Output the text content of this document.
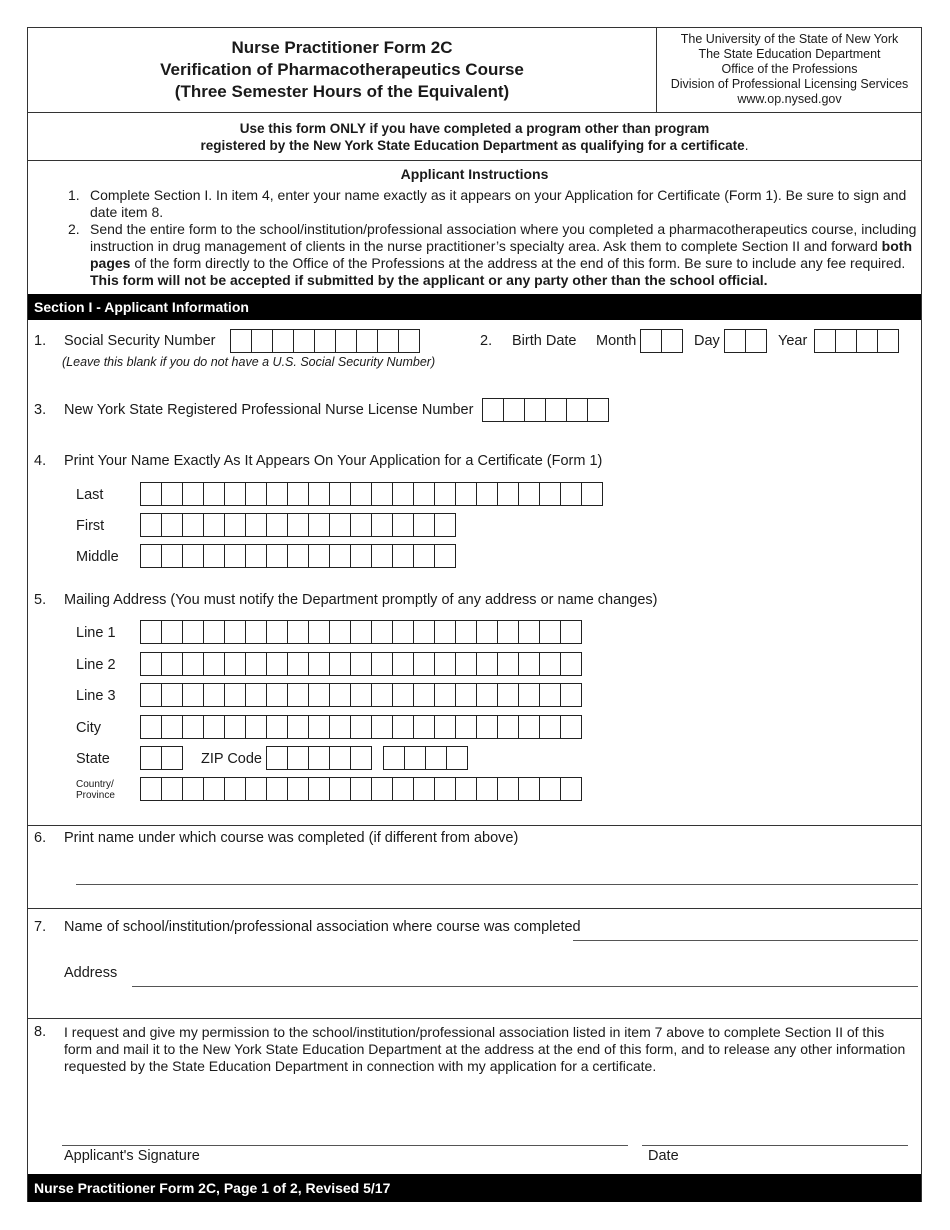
Nurse Practitioner Form 2C
Verification of Pharmacotherapeutics Course
(Three Semester Hours of the Equivalent)
The University of the State of New York
The State Education Department
Office of the Professions
Division of Professional Licensing Services
www.op.nysed.gov
Use this form ONLY if you have completed a program other than program
registered by the New York State Education Department as qualifying for a certificate.
Applicant Instructions
1. Complete Section I. In item 4, enter your name exactly as it appears on your Application for Certificate (Form 1). Be sure to sign and date item 8.
2. Send the entire form to the school/institution/professional association where you completed a pharmacotherapeutics course, including instruction in drug management of clients in the nurse practitioner’s specialty area. Ask them to complete Section II and forward both pages of the form directly to the Office of the Professions at the address at the end of this form. Be sure to include any fee required.
This form will not be accepted if submitted by the applicant or any party other than the school official.
Section I - Applicant Information
1. Social Security Number
(Leave this blank if you do not have a U.S. Social Security Number)
2. Birth Date Month	Day	Year
3. New York State Registered Professional Nurse License Number
4. Print Your Name Exactly As It Appears On Your Application for a Certificate (Form 1)
Last
First
Middle
5. Mailing Address (You must notify the Department promptly of any address or name changes)
Line 1
Line 2
Line 3
City
State	ZIP Code
Country/
Province
6. Print name under which course was completed (if different from above)
7. Name of school/institution/professional association where course was completed
Address
8. I request and give my permission to the school/institution/professional association listed in item 7 above to complete Section II of this form and mail it to the New York State Education Department at the address at the end of this form, and to release any other information requested by the State Education Department in connection with my application for a certificate.
Applicant's Signature	Date
Nurse Practitioner Form 2C, Page 1 of 2, Revised 5/17
